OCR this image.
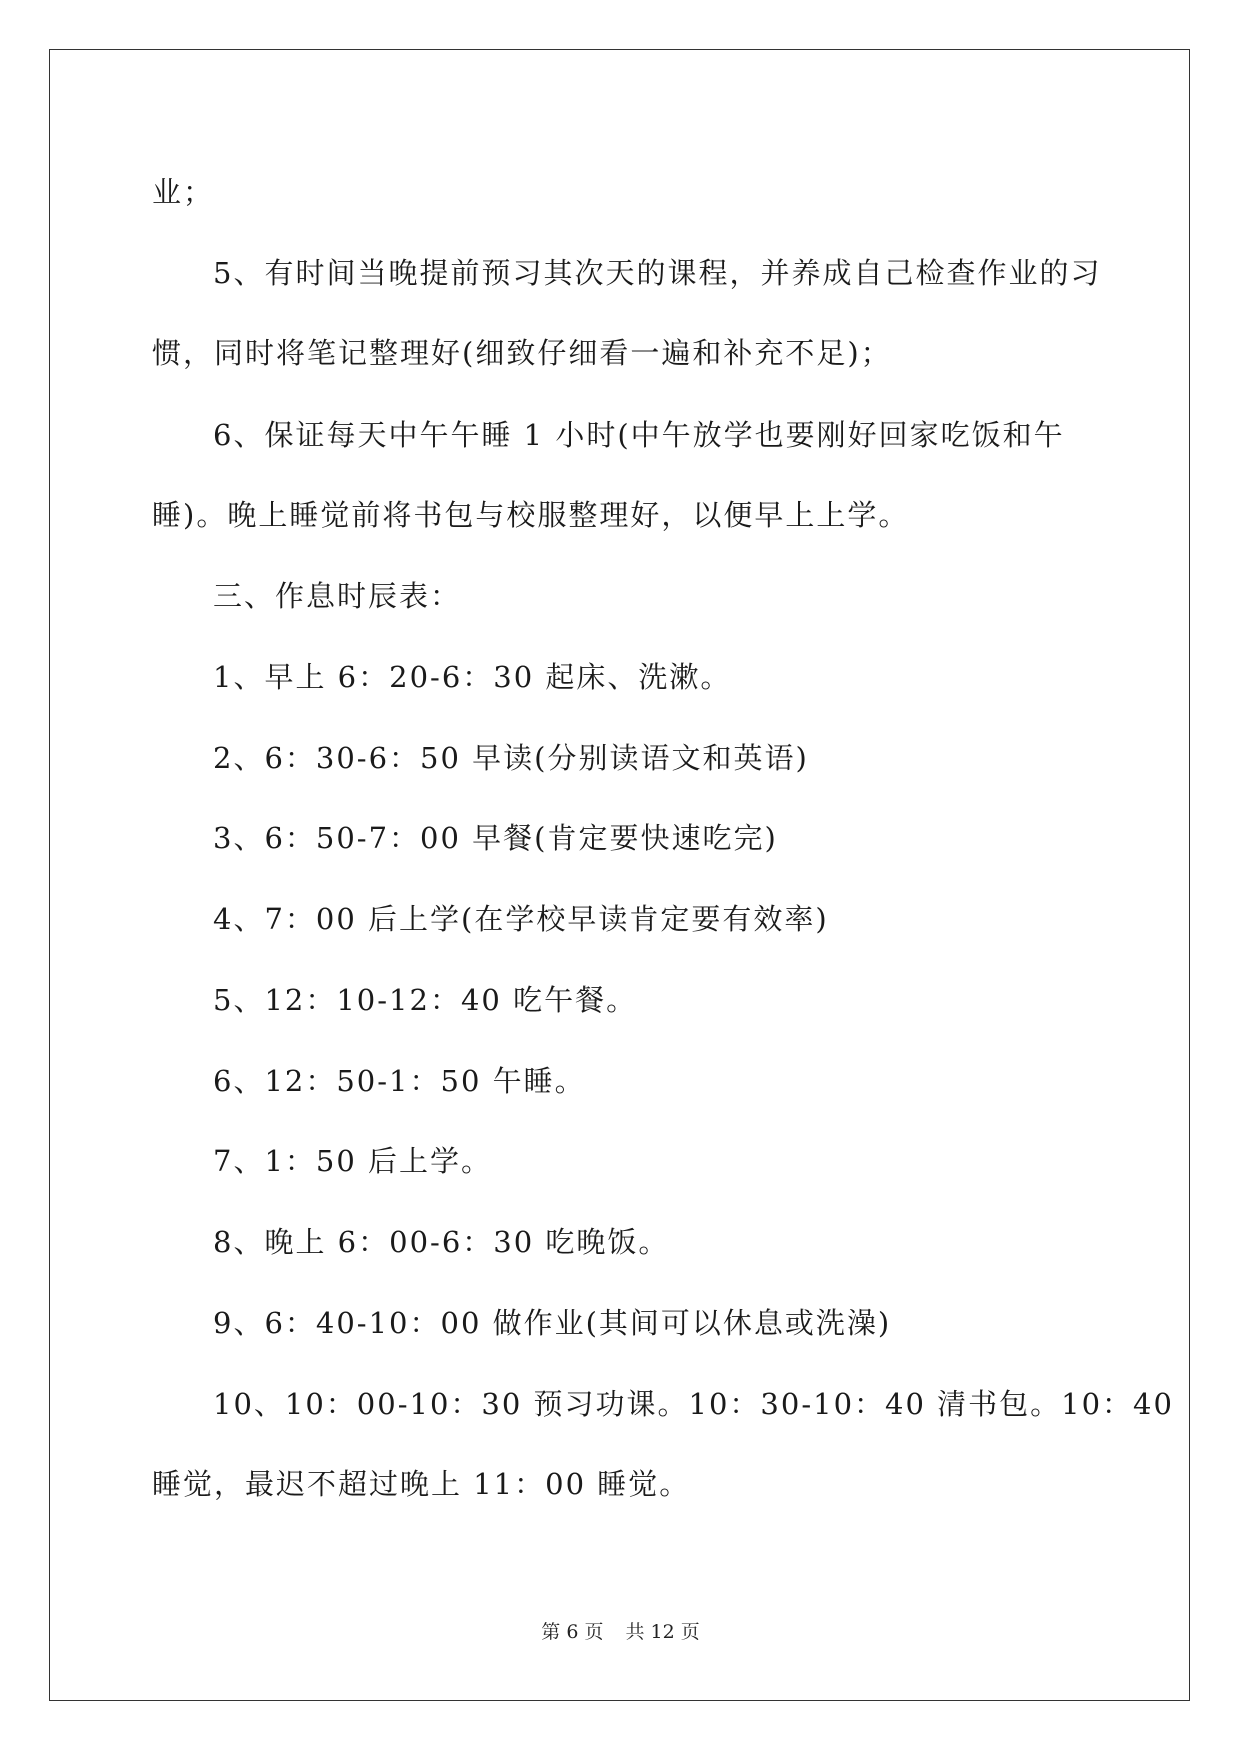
业；
5、有时间当晚提前预习其次天的课程，并养成自己检查作业的习
惯，同时将笔记整理好(细致仔细看一遍和补充不足)；
6、保证每天中午午睡 1 小时(中午放学也要刚好回家吃饭和午
睡)。晚上睡觉前将书包与校服整理好，以便早上上学。
三、作息时辰表：
1、早上 6：20-6：30 起床、洗漱。
2、6：30-6：50 早读(分别读语文和英语)
3、6：50-7：00 早餐(肯定要快速吃完)
4、7：00 后上学(在学校早读肯定要有效率)
5、12：10-12：40 吃午餐。
6、12：50-1：50 午睡。
7、1：50 后上学。
8、晚上 6：00-6：30 吃晚饭。
9、6：40-10：00 做作业(其间可以休息或洗澡)
10、10：00-10：30 预习功课。10：30-10：40 清书包。10：40
睡觉，最迟不超过晚上 11：00 睡觉。
第 6 页 共 12 页
